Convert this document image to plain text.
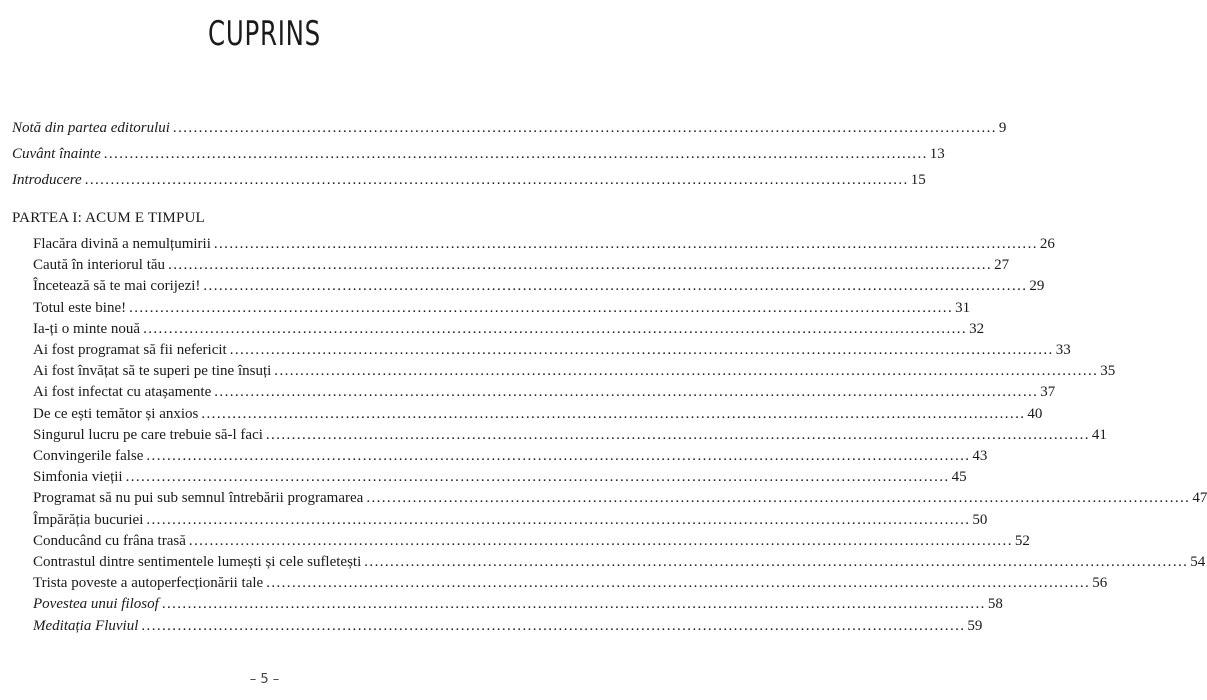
CUPRINS
Notă din partea editorului ................................................................................................................................................................ 9
Cuvânt înainte ................................................................................................................................................................ 13
Introducere ................................................................................................................................................................ 15
PARTEA I: ACUM E TIMPUL
Flacăra divină a nemulțumirii ................................................................................................................................................................ 26
Caută în interiorul tău ................................................................................................................................................................ 27
Încetează să te mai corijezi! ................................................................................................................................................................ 29
Totul este bine! ................................................................................................................................................................ 31
Ia-ți o minte nouă ................................................................................................................................................................ 32
Ai fost programat să fii nefericit ................................................................................................................................................................ 33
Ai fost învățat să te superi pe tine însuți ................................................................................................................................................................ 35
Ai fost infectat cu atașamente ................................................................................................................................................................ 37
De ce ești temător și anxios ................................................................................................................................................................ 40
Singurul lucru pe care trebuie să-l faci ................................................................................................................................................................ 41
Convingerile false ................................................................................................................................................................ 43
Simfonia vieții ................................................................................................................................................................ 45
Programat să nu pui sub semnul întrebării programarea ................................................................................................................................................................ 47
Împărăția bucuriei ................................................................................................................................................................ 50
Conducând cu frâna trasă ................................................................................................................................................................ 52
Contrastul dintre sentimentele lumești și cele sufletești ................................................................................................................................................................ 54
Trista poveste a autoperfecționării tale ................................................................................................................................................................ 56
Povestea unui filosof ................................................................................................................................................................ 58
Meditația Fluviul ................................................................................................................................................................ 59
– 5 –
